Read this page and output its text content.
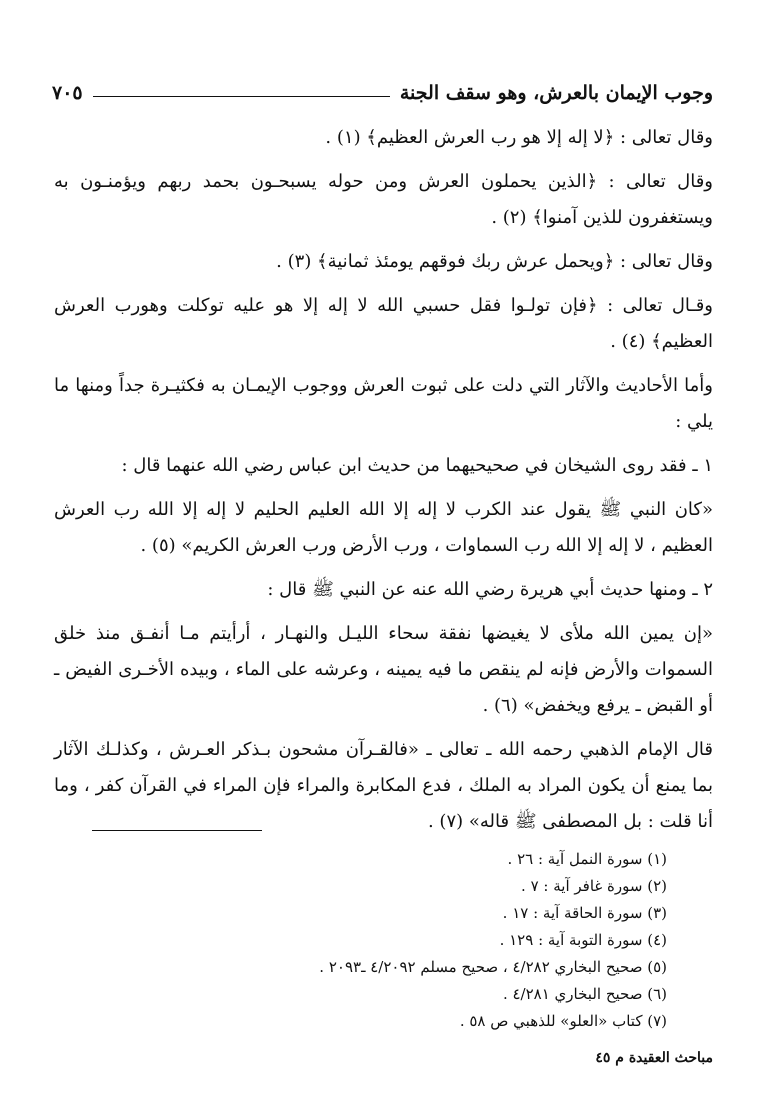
وجوب الإيمان بالعرش، وهو سقف الجنة
٧٠٥

وقال تعالى : ﴿لا إله إلا هو رب العرش العظيم﴾ (١) .

وقال تعالى : ﴿الذين يحملون العرش ومن حوله يسبحـون بحمد ربهم ويؤمنـون به ويستغفرون للذين آمنوا﴾ (٢) .

وقال تعالى : ﴿ويحمل عرش ربك فوقهم يومئذ ثمانية﴾ (٣) .

وقـال تعالى : ﴿فإن تولـوا فقل حسبي الله لا إله إلا هو عليه توكلت وهورب العرش العظيم﴾ (٤) .

وأما الأحاديث والآثار التي دلت على ثبوت العرش ووجوب الإيمـان به فكثيـرة جداً ومنها ما يلي :

١ ـ فقد روى الشيخان في صحيحيهما من حديث ابن عباس رضي الله عنهما قال :

«كان النبي ﷺ يقول عند الكرب لا إله إلا الله العليم الحليم لا إله إلا الله رب العرش العظيم ، لا إله إلا الله رب السماوات ، ورب الأرض ورب العرش الكريم» (٥) .

٢ ـ ومنها حديث أبي هريرة رضي الله عنه عن النبي ﷺ قال :

«إن يمين الله ملأى لا يغيضها نفقة سحاء الليـل والنهـار ، أرأيتم مـا أنفـق منذ خلق السموات والأرض فإنه لم ينقص ما فيه يمينه ، وعرشه على الماء ، وبيده الأخـرى الفيض ـ أو القبض ـ يرفع ويخفض» (٦) .

قال الإمام الذهبي رحمه الله ـ تعالى ـ «فالقـرآن مشحون بـذكر العـرش ، وكذلـك الآثار بما يمنع أن يكون المراد به الملك ، فدع المكابرة والمراء فإن المراء في القرآن كفر ، وما أنا قلت : بل المصطفى ﷺ قاله» (٧) .

(١) سورة النمل آية : ٢٦ .
(٢) سورة غافر آية : ٧ .
(٣) سورة الحاقة آية : ١٧ .
(٤) سورة التوبة آية : ١٢٩ .
(٥) صحيح البخاري ٤/٢٨٢ ، صحيح مسلم ٤/٢٠٩٢ ـ٢٠٩٣ .
(٦) صحيح البخاري ٤/٢٨١ .
(٧) كتاب «العلو» للذهبي ص ٥٨ .
مباحث العقيدة م ٤٥
